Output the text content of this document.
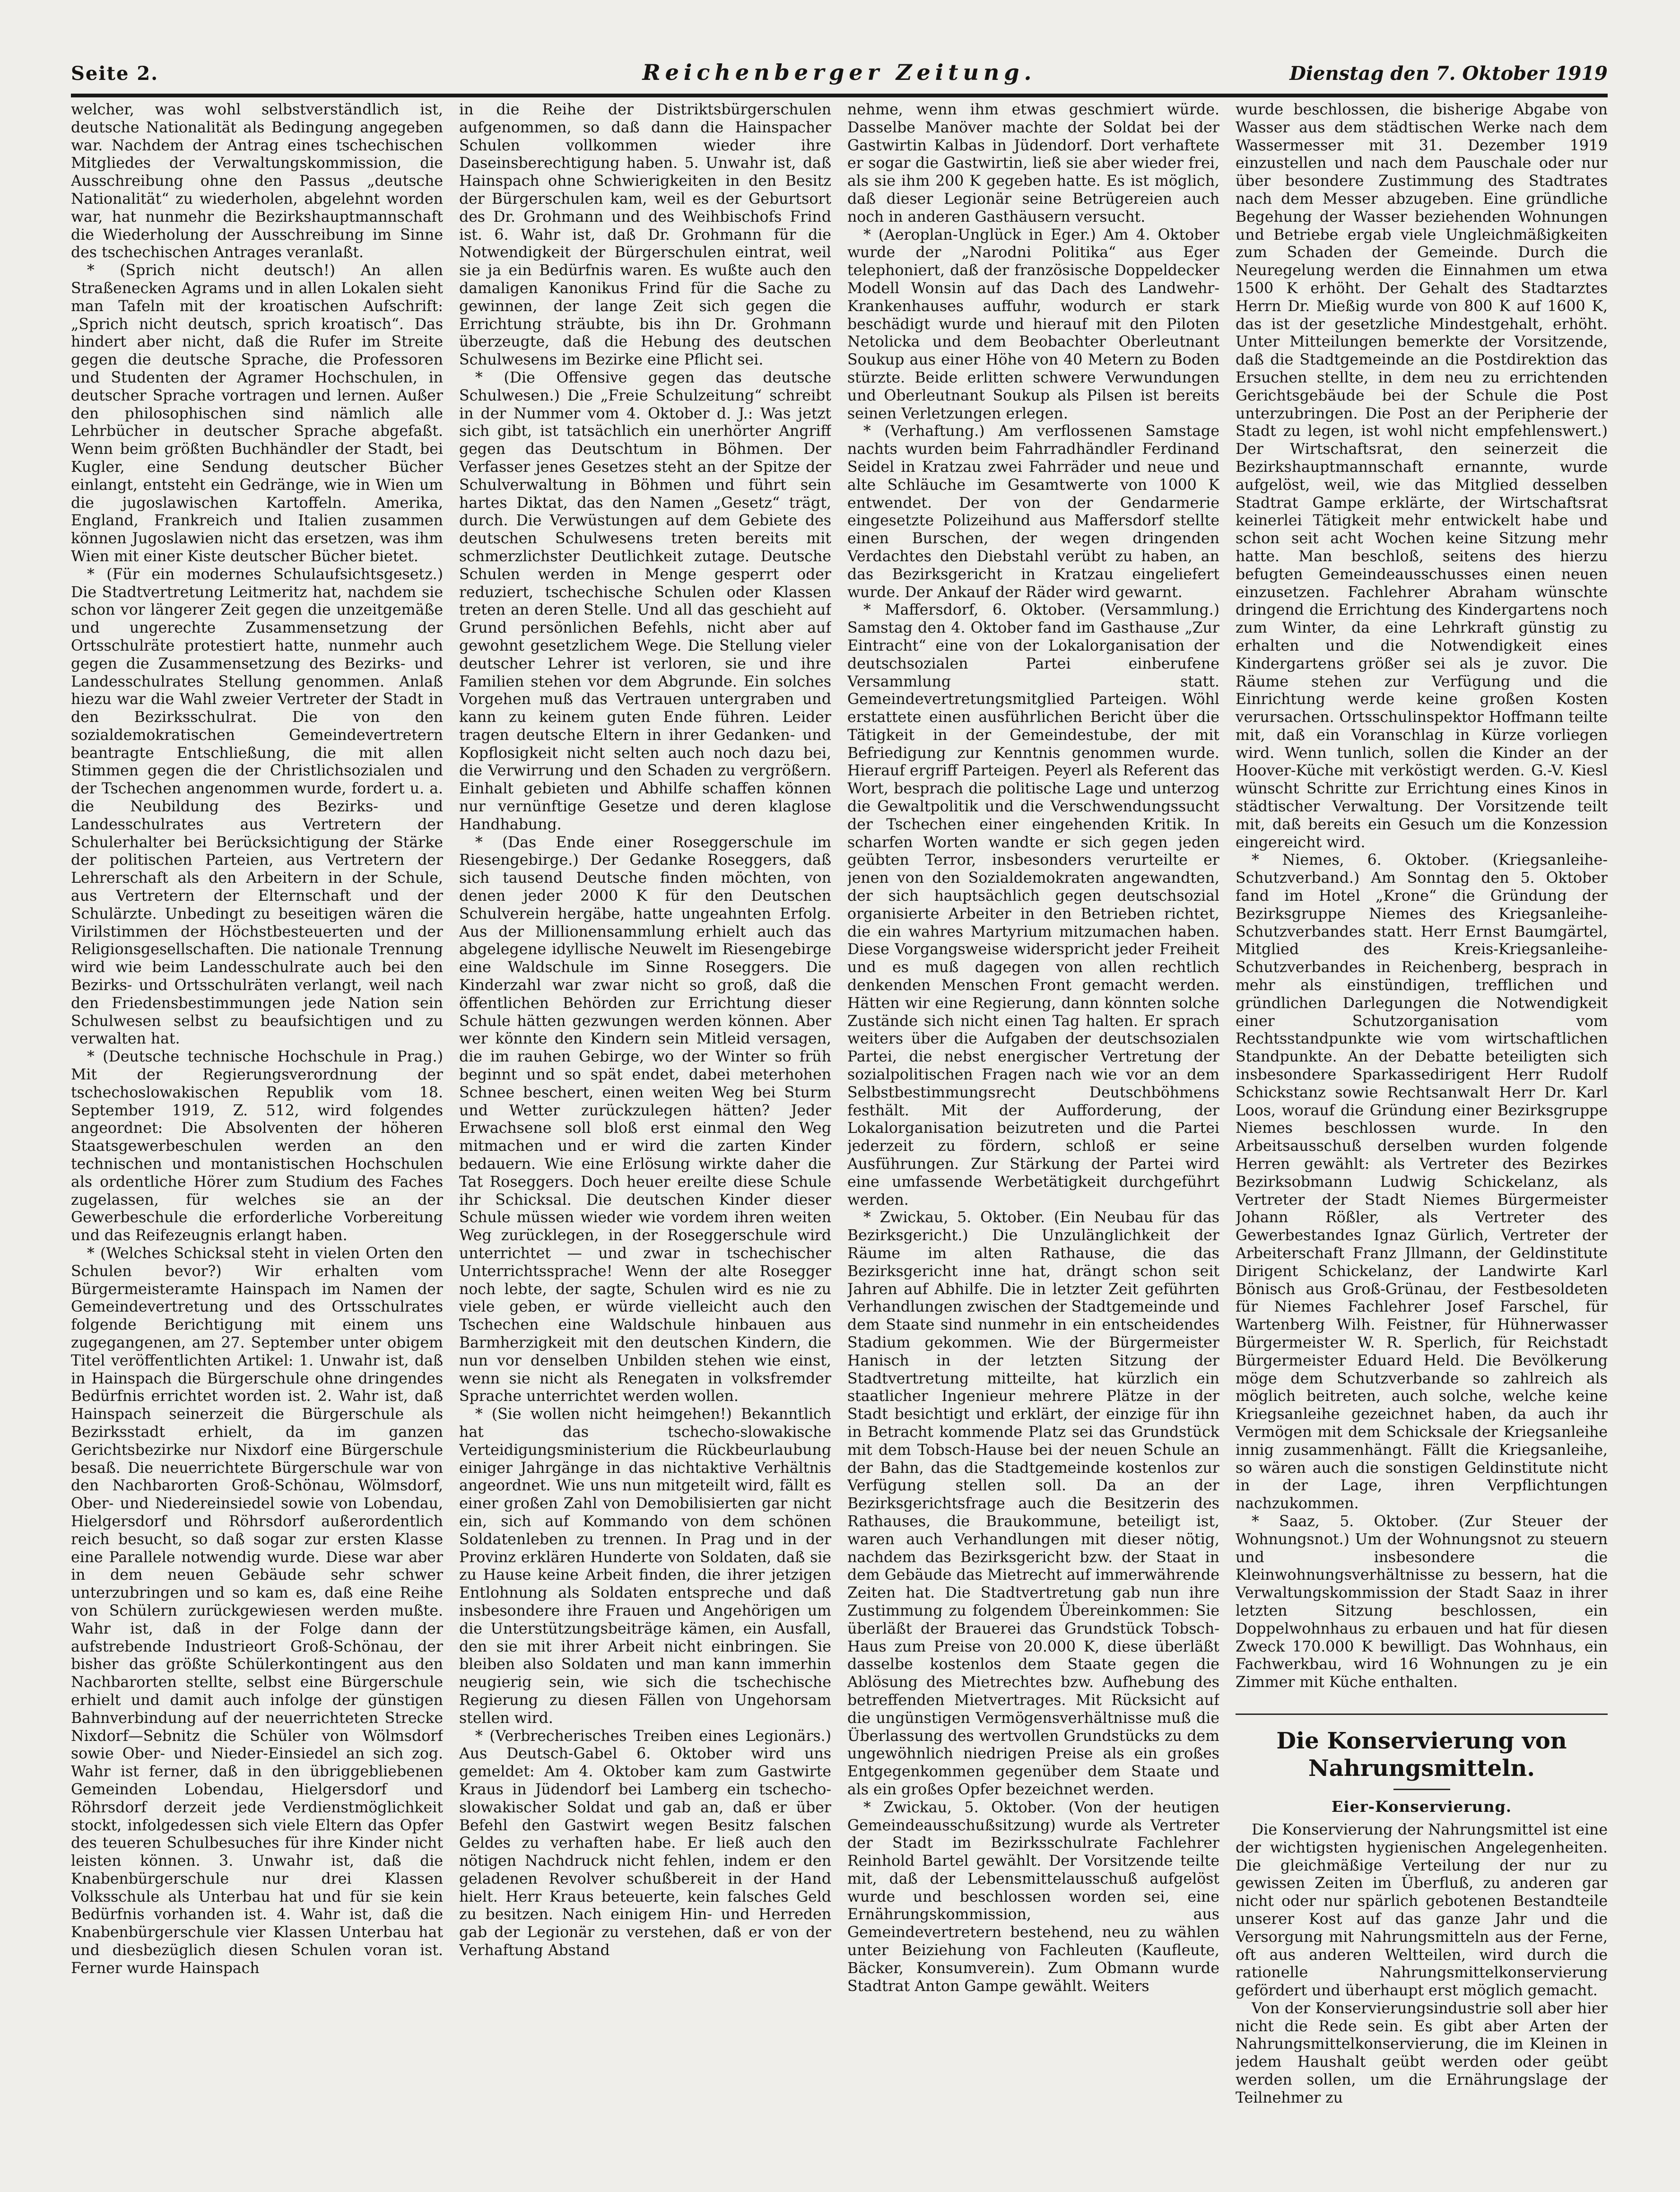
Seite 2.	Reichenberger Zeitung.	Dienstag den 7. Oktober 1919

welcher, was wohl selbstverständlich ist, deutsche Nationalität als Bedingung angegeben war. Nachdem der Antrag eines tschechischen Mitgliedes der Verwaltungskommission, die Ausschreibung ohne den Passus „deutsche Nationalität“ zu wiederholen, abgelehnt worden war, hat nunmehr die Bezirkshauptmannschaft die Wiederholung der Ausschreibung im Sinne des tschechischen Antrages veranlaßt.

* (Sprich nicht deutsch!) An allen Straßenecken Agrams und in allen Lokalen sieht man Tafeln mit der kroatischen Aufschrift: „Sprich nicht deutsch, sprich kroatisch“. Das hindert aber nicht, daß die Rufer im Streite gegen die deutsche Sprache, die Professoren und Studenten der Agramer Hochschulen, in deutscher Sprache vortragen und lernen. Außer den philosophischen sind nämlich alle Lehrbücher in deutscher Sprache abgefaßt. Wenn beim größten Buchhändler der Stadt, bei Kugler, eine Sendung deutscher Bücher einlangt, entsteht ein Gedränge, wie in Wien um die jugoslawischen Kartoffeln. Amerika, England, Frankreich und Italien zusammen können Jugoslawien nicht das ersetzen, was ihm Wien mit einer Kiste deutscher Bücher bietet.

* (Für ein modernes Schulaufsichtsgesetz.) Die Stadtvertretung Leitmeritz hat, nachdem sie schon vor längerer Zeit gegen die unzeitgemäße und ungerechte Zusammensetzung der Ortsschulräte protestiert hatte, nunmehr auch gegen die Zusammensetzung des Bezirks- und Landesschulrates Stellung genommen. Anlaß hiezu war die Wahl zweier Vertreter der Stadt in den Bezirksschulrat. Die von den sozialdemokratischen Gemeindevertretern beantragte Entschließung, die mit allen Stimmen gegen die der Christlichsozialen und der Tschechen angenommen wurde, fordert u. a. die Neubildung des Bezirks- und Landesschulrates aus Vertretern der Schulerhalter bei Berücksichtigung der Stärke der politischen Parteien, aus Vertretern der Lehrerschaft als den Arbeitern in der Schule, aus Vertretern der Elternschaft und der Schulärzte. Unbedingt zu beseitigen wären die Virilstimmen der Höchstbesteuerten und der Religionsgesellschaften. Die nationale Trennung wird wie beim Landesschulrate auch bei den Bezirks- und Ortsschulräten verlangt, weil nach den Friedensbestimmungen jede Nation sein Schulwesen selbst zu beaufsichtigen und zu verwalten hat.

* (Deutsche technische Hochschule in Prag.) Mit der Regierungsverordnung der tschechoslowakischen Republik vom 18. September 1919, Z. 512, wird folgendes angeordnet: Die Absolventen der höheren Staatsgewerbeschulen werden an den technischen und montanistischen Hochschulen als ordentliche Hörer zum Studium des Faches zugelassen, für welches sie an der Gewerbeschule die erforderliche Vorbereitung und das Reifezeugnis erlangt haben.

* (Welches Schicksal steht in vielen Orten den Schulen bevor?) Wir erhalten vom Bürgermeisteramte Hainspach im Namen der Gemeindevertretung und des Ortsschulrates folgende Berichtigung mit einem uns zugegangenen, am 27. September unter obigem Titel veröffentlichten Artikel: 1. Unwahr ist, daß in Hainspach die Bürgerschule ohne dringendes Bedürfnis errichtet worden ist. 2. Wahr ist, daß Hainspach seinerzeit die Bürgerschule als Bezirksstadt erhielt, da im ganzen Gerichtsbezirke nur Nixdorf eine Bürgerschule besaß. Die neuerrichtete Bürgerschule war von den Nachbarorten Groß-Schönau, Wölmsdorf, Ober- und Niedereinsiedel sowie von Lobendau, Hielgersdorf und Röhrsdorf außerordentlich reich besucht, so daß sogar zur ersten Klasse eine Parallele notwendig wurde. Diese war aber in dem neuen Gebäude sehr schwer unterzubringen und so kam es, daß eine Reihe von Schülern zurückgewiesen werden mußte. Wahr ist, daß in der Folge dann der aufstrebende Industrieort Groß-Schönau, der bisher das größte Schülerkontingent aus den Nachbarorten stellte, selbst eine Bürgerschule erhielt und damit auch infolge der günstigen Bahnverbindung auf der neuerrichteten Strecke Nixdorf—Sebnitz die Schüler von Wölmsdorf sowie Ober- und Nieder-Einsiedel an sich zog. Wahr ist ferner, daß in den übriggebliebenen Gemeinden Lobendau, Hielgersdorf und Röhrsdorf derzeit jede Verdienstmöglichkeit stockt, infolgedessen sich viele Eltern das Opfer des teueren Schulbesuches für ihre Kinder nicht leisten können. 3. Unwahr ist, daß die Knabenbürgerschule nur drei Klassen Volksschule als Unterbau hat und für sie kein Bedürfnis vorhanden ist. 4. Wahr ist, daß die Knabenbürgerschule vier Klassen Unterbau hat und diesbezüglich diesen Schulen voran ist. Ferner wurde Hainspach

in die Reihe der Distriktsbürgerschulen aufgenommen, so daß dann die Hainspacher Schulen vollkommen wieder ihre Daseinsberechtigung haben. 5. Unwahr ist, daß Hainspach ohne Schwierigkeiten in den Besitz der Bürgerschulen kam, weil es der Geburtsort des Dr. Grohmann und des Weihbischofs Frind ist. 6. Wahr ist, daß Dr. Grohmann für die Notwendigkeit der Bürgerschulen eintrat, weil sie ja ein Bedürfnis waren. Es wußte auch den damaligen Kanonikus Frind für die Sache zu gewinnen, der lange Zeit sich gegen die Errichtung sträubte, bis ihn Dr. Grohmann überzeugte, daß die Hebung des deutschen Schulwesens im Bezirke eine Pflicht sei.

* (Die Offensive gegen das deutsche Schulwesen.) Die „Freie Schulzeitung“ schreibt in der Nummer vom 4. Oktober d. J.: Was jetzt sich gibt, ist tatsächlich ein unerhörter Angriff gegen das Deutschtum in Böhmen. Der Verfasser jenes Gesetzes steht an der Spitze der Schulverwaltung in Böhmen und führt sein hartes Diktat, das den Namen „Gesetz“ trägt, durch. Die Verwüstungen auf dem Gebiete des deutschen Schulwesens treten bereits mit schmerzlichster Deutlichkeit zutage. Deutsche Schulen werden in Menge gesperrt oder reduziert, tschechische Schulen oder Klassen treten an deren Stelle. Und all das geschieht auf Grund persönlichen Befehls, nicht aber auf gewohnt gesetzlichem Wege. Die Stellung vieler deutscher Lehrer ist verloren, sie und ihre Familien stehen vor dem Abgrunde. Ein solches Vorgehen muß das Vertrauen untergraben und kann zu keinem guten Ende führen. Leider tragen deutsche Eltern in ihrer Gedanken- und Kopflosigkeit nicht selten auch noch dazu bei, die Verwirrung und den Schaden zu vergrößern. Einhalt gebieten und Abhilfe schaffen können nur vernünftige Gesetze und deren klaglose Handhabung.

* (Das Ende einer Roseggerschule im Riesengebirge.) Der Gedanke Roseggers, daß sich tausend Deutsche finden möchten, von denen jeder 2000 K für den Deutschen Schulverein hergäbe, hatte ungeahnten Erfolg. Aus der Millionensammlung erhielt auch das abgelegene idyllische Neuwelt im Riesengebirge eine Waldschule im Sinne Roseggers. Die Kinderzahl war zwar nicht so groß, daß die öffentlichen Behörden zur Errichtung dieser Schule hätten gezwungen werden können. Aber wer könnte den Kindern sein Mitleid versagen, die im rauhen Gebirge, wo der Winter so früh beginnt und so spät endet, dabei meterhohen Schnee beschert, einen weiten Weg bei Sturm und Wetter zurückzulegen hätten? Jeder Erwachsene soll bloß erst einmal den Weg mitmachen und er wird die zarten Kinder bedauern. Wie eine Erlösung wirkte daher die Tat Roseggers. Doch heuer ereilte diese Schule ihr Schicksal. Die deutschen Kinder dieser Schule müssen wieder wie vordem ihren weiten Weg zurücklegen, in der Roseggerschule wird unterrichtet — und zwar in tschechischer Unterrichtssprache! Wenn der alte Rosegger noch lebte, der sagte, Schulen wird es nie zu viele geben, er würde vielleicht auch den Tschechen eine Waldschule hinbauen aus Barmherzigkeit mit den deutschen Kindern, die nun vor denselben Unbilden stehen wie einst, wenn sie nicht als Renegaten in volksfremder Sprache unterrichtet werden wollen.

* (Sie wollen nicht heimgehen!) Bekanntlich hat das tschecho-slowakische Verteidigungsministerium die Rückbeurlaubung einiger Jahrgänge in das nichtaktive Verhältnis angeordnet. Wie uns nun mitgeteilt wird, fällt es einer großen Zahl von Demobilisierten gar nicht ein, sich auf Kommando von dem schönen Soldatenleben zu trennen. In Prag und in der Provinz erklären Hunderte von Soldaten, daß sie zu Hause keine Arbeit finden, die ihrer jetzigen Entlohnung als Soldaten entspreche und daß insbesondere ihre Frauen und Angehörigen um die Unterstützungsbeiträge kämen, ein Ausfall, den sie mit ihrer Arbeit nicht einbringen. Sie bleiben also Soldaten und man kann immerhin neugierig sein, wie sich die tschechische Regierung zu diesen Fällen von Ungehorsam stellen wird.

* (Verbrecherisches Treiben eines Legionärs.) Aus Deutsch-Gabel 6. Oktober wird uns gemeldet: Am 4. Oktober kam zum Gastwirte Kraus in Jüdendorf bei Lamberg ein tschecho-slowakischer Soldat und gab an, daß er über Befehl den Gastwirt wegen Besitz falschen Geldes zu verhaften habe. Er ließ auch den nötigen Nachdruck nicht fehlen, indem er den geladenen Revolver schußbereit in der Hand hielt. Herr Kraus beteuerte, kein falsches Geld zu besitzen. Nach einigem Hin- und Herreden gab der Legionär zu verstehen, daß er von der Verhaftung Abstand

nehme, wenn ihm etwas geschmiert würde. Dasselbe Manöver machte der Soldat bei der Gastwirtin Kalbas in Jüdendorf. Dort verhaftete er sogar die Gastwirtin, ließ sie aber wieder frei, als sie ihm 200 K gegeben hatte. Es ist möglich, daß dieser Legionär seine Betrügereien auch noch in anderen Gasthäusern versucht.

* (Aeroplan-Unglück in Eger.) Am 4. Oktober wurde der „Narodni Politika“ aus Eger telephoniert, daß der französische Doppeldecker Modell Wonsin auf das Dach des Landwehr-Krankenhauses auffuhr, wodurch er stark beschädigt wurde und hierauf mit den Piloten Netolicka und dem Beobachter Oberleutnant Soukup aus einer Höhe von 40 Metern zu Boden stürzte. Beide erlitten schwere Verwundungen und Oberleutnant Soukup als Pilsen ist bereits seinen Verletzungen erlegen.

* (Verhaftung.) Am verflossenen Samstage nachts wurden beim Fahrradhändler Ferdinand Seidel in Kratzau zwei Fahrräder und neue und alte Schläuche im Gesamtwerte von 1000 K entwendet. Der von der Gendarmerie eingesetzte Polizeihund aus Maffersdorf stellte einen Burschen, der wegen dringenden Verdachtes den Diebstahl verübt zu haben, an das Bezirksgericht in Kratzau eingeliefert wurde. Der Ankauf der Räder wird gewarnt.

* Maffersdorf, 6. Oktober. (Versammlung.) Samstag den 4. Oktober fand im Gasthause „Zur Eintracht“ eine von der Lokalorganisation der deutschsozialen Partei einberufene Versammlung statt. Gemeindevertretungsmitglied Parteigen. Wöhl erstattete einen ausführlichen Bericht über die Tätigkeit in der Gemeindestube, der mit Befriedigung zur Kenntnis genommen wurde. Hierauf ergriff Parteigen. Peyerl als Referent das Wort, besprach die politische Lage und unterzog die Gewaltpolitik und die Verschwendungssucht der Tschechen einer eingehenden Kritik. In scharfen Worten wandte er sich gegen jeden geübten Terror, insbesonders verurteilte er jenen von den Sozialdemokraten angewandten, der sich hauptsächlich gegen deutschsozial organisierte Arbeiter in den Betrieben richtet, die ein wahres Martyrium mitzumachen haben. Diese Vorgangsweise widerspricht jeder Freiheit und es muß dagegen von allen rechtlich denkenden Menschen Front gemacht werden. Hätten wir eine Regierung, dann könnten solche Zustände sich nicht einen Tag halten. Er sprach weiters über die Aufgaben der deutschsozialen Partei, die nebst energischer Vertretung der sozialpolitischen Fragen nach wie vor an dem Selbstbestimmungsrecht Deutschböhmens festhält. Mit der Aufforderung, der Lokalorganisation beizutreten und die Partei jederzeit zu fördern, schloß er seine Ausführungen. Zur Stärkung der Partei wird eine umfassende Werbetätigkeit durchgeführt werden.

* Zwickau, 5. Oktober. (Ein Neubau für das Bezirksgericht.) Die Unzulänglichkeit der Räume im alten Rathause, die das Bezirksgericht inne hat, drängt schon seit Jahren auf Abhilfe. Die in letzter Zeit geführten Verhandlungen zwischen der Stadtgemeinde und dem Staate sind nunmehr in ein entscheidendes Stadium gekommen. Wie der Bürgermeister Hanisch in der letzten Sitzung der Stadtvertretung mitteilte, hat kürzlich ein staatlicher Ingenieur mehrere Plätze in der Stadt besichtigt und erklärt, der einzige für ihn in Betracht kommende Platz sei das Grundstück mit dem Tobsch-Hause bei der neuen Schule an der Bahn, das die Stadtgemeinde kostenlos zur Verfügung stellen soll. Da an der Bezirksgerichtsfrage auch die Besitzerin des Rathauses, die Braukommune, beteiligt ist, waren auch Verhandlungen mit dieser nötig, nachdem das Bezirksgericht bzw. der Staat in dem Gebäude das Mietrecht auf immerwährende Zeiten hat. Die Stadtvertretung gab nun ihre Zustimmung zu folgendem Übereinkommen: Sie überläßt der Brauerei das Grundstück Tobsch-Haus zum Preise von 20.000 K, diese überläßt dasselbe kostenlos dem Staate gegen die Ablösung des Mietrechtes bzw. Aufhebung des betreffenden Mietvertrages. Mit Rücksicht auf die ungünstigen Vermögensverhältnisse muß die Überlassung des wertvollen Grundstücks zu dem ungewöhnlich niedrigen Preise als ein großes Entgegenkommen gegenüber dem Staate und als ein großes Opfer bezeichnet werden.

* Zwickau, 5. Oktober. (Von der heutigen Gemeindeausschußsitzung) wurde als Vertreter der Stadt im Bezirksschulrate Fachlehrer Reinhold Bartel gewählt. Der Vorsitzende teilte mit, daß der Lebensmittelausschuß aufgelöst wurde und beschlossen worden sei, eine Ernährungskommission, aus Gemeindevertretern bestehend, neu zu wählen unter Beiziehung von Fachleuten (Kaufleute, Bäcker, Konsumverein). Zum Obmann wurde Stadtrat Anton Gampe gewählt. Weiters

wurde beschlossen, die bisherige Abgabe von Wasser aus dem städtischen Werke nach dem Wassermesser mit 31. Dezember 1919 einzustellen und nach dem Pauschale oder nur über besondere Zustimmung des Stadtrates nach dem Messer abzugeben. Eine gründliche Begehung der Wasser beziehenden Wohnungen und Betriebe ergab viele Ungleichmäßigkeiten zum Schaden der Gemeinde. Durch die Neuregelung werden die Einnahmen um etwa 1500 K erhöht. Der Gehalt des Stadtarztes Herrn Dr. Mießig wurde von 800 K auf 1600 K, das ist der gesetzliche Mindestgehalt, erhöht. Unter Mitteilungen bemerkte der Vorsitzende, daß die Stadtgemeinde an die Postdirektion das Ersuchen stellte, in dem neu zu errichtenden Gerichtsgebäude bei der Schule die Post unterzubringen. Die Post an der Peripherie der Stadt zu legen, ist wohl nicht empfehlenswert.) Der Wirtschaftsrat, den seinerzeit die Bezirkshauptmannschaft ernannte, wurde aufgelöst, weil, wie das Mitglied desselben Stadtrat Gampe erklärte, der Wirtschaftsrat keinerlei Tätigkeit mehr entwickelt habe und schon seit acht Wochen keine Sitzung mehr hatte. Man beschloß, seitens des hierzu befugten Gemeindeausschusses einen neuen einzusetzen. Fachlehrer Abraham wünschte dringend die Errichtung des Kindergartens noch zum Winter, da eine Lehrkraft günstig zu erhalten und die Notwendigkeit eines Kindergartens größer sei als je zuvor. Die Räume stehen zur Verfügung und die Einrichtung werde keine großen Kosten verursachen. Ortsschulinspektor Hoffmann teilte mit, daß ein Voranschlag in Kürze vorliegen wird. Wenn tunlich, sollen die Kinder an der Hoover-Küche mit verköstigt werden. G.-V. Kiesl wünscht Schritte zur Errichtung eines Kinos in städtischer Verwaltung. Der Vorsitzende teilt mit, daß bereits ein Gesuch um die Konzession eingereicht wird.

* Niemes, 6. Oktober. (Kriegsanleihe-Schutzverband.) Am Sonntag den 5. Oktober fand im Hotel „Krone“ die Gründung der Bezirksgruppe Niemes des Kriegsanleihe-Schutzverbandes statt. Herr Ernst Baumgärtel, Mitglied des Kreis-Kriegsanleihe-Schutzverbandes in Reichenberg, besprach in mehr als einstündigen, trefflichen und gründlichen Darlegungen die Notwendigkeit einer Schutzorganisation vom Rechtsstandpunkte wie vom wirtschaftlichen Standpunkte. An der Debatte beteiligten sich insbesondere Sparkassedirigent Herr Rudolf Schickstanz sowie Rechtsanwalt Herr Dr. Karl Loos, worauf die Gründung einer Bezirksgruppe Niemes beschlossen wurde. In den Arbeitsausschuß derselben wurden folgende Herren gewählt: als Vertreter des Bezirkes Bezirksobmann Ludwig Schickelanz, als Vertreter der Stadt Niemes Bürgermeister Johann Rößler, als Vertreter des Gewerbestandes Ignaz Gürlich, Vertreter der Arbeiterschaft Franz Jllmann, der Geldinstitute Dirigent Schickelanz, der Landwirte Karl Bönisch aus Groß-Grünau, der Festbesoldeten für Niemes Fachlehrer Josef Farschel, für Wartenberg Wilh. Feistner, für Hühnerwasser Bürgermeister W. R. Sperlich, für Reichstadt Bürgermeister Eduard Held. Die Bevölkerung möge dem Schutzverbande so zahlreich als möglich beitreten, auch solche, welche keine Kriegsanleihe gezeichnet haben, da auch ihr Vermögen mit dem Schicksale der Kriegsanleihe innig zusammenhängt. Fällt die Kriegsanleihe, so wären auch die sonstigen Geldinstitute nicht in der Lage, ihren Verpflichtungen nachzukommen.

* Saaz, 5. Oktober. (Zur Steuer der Wohnungsnot.) Um der Wohnungsnot zu steuern und insbesondere die Kleinwohnungsverhältnisse zu bessern, hat die Verwaltungskommission der Stadt Saaz in ihrer letzten Sitzung beschlossen, ein Doppelwohnhaus zu erbauen und hat für diesen Zweck 170.000 K bewilligt. Das Wohnhaus, ein Fachwerkbau, wird 16 Wohnungen zu je ein Zimmer mit Küche enthalten.

Die Konservierung von Nahrungsmitteln.
Eier-Konservierung.

Die Konservierung der Nahrungsmittel ist eine der wichtigsten hygienischen Angelegenheiten. Die gleichmäßige Verteilung der nur zu gewissen Zeiten im Überfluß, zu anderen gar nicht oder nur spärlich gebotenen Bestandteile unserer Kost auf das ganze Jahr und die Versorgung mit Nahrungsmitteln aus der Ferne, oft aus anderen Weltteilen, wird durch die rationelle Nahrungsmittelkonservierung gefördert und überhaupt erst möglich gemacht.

Von der Konservierungsindustrie soll aber hier nicht die Rede sein. Es gibt aber Arten der Nahrungsmittelkonservierung, die im Kleinen in jedem Haushalt geübt werden oder geübt werden sollen, um die Ernährungslage der Teilnehmer zu
